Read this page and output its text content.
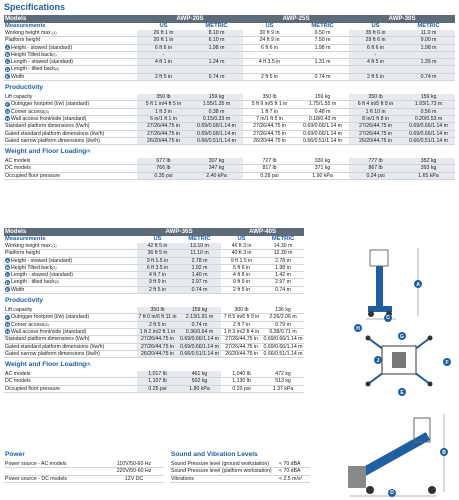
Specifications
Models	AWP-20S		AWP-25S		AWP-30S	
Measurements	US	METRIC	US	METRIC	US	METRIC
Working height max.$^{(1)}$	26 ft 1 in	8.10 m	30 ft 9 in	9.50 m	35 ft 6 in	11.0 m
Platform height	20 ft 1 in	6.10 m	24 ft 9 in	7.50 m	29 ft 6 in	9.00 m
A Height - stowed (standard)	6 ft 6 in	1.98 m	6 ft 6 in	1.98 m	6 ft 6 in	1.98 m
B Height Tilted back$^{(2)}$	-		-		-	
C Length - stowed (standard)	4 ft 1 in	1.24 m	4 ft 3.5 in	1.31 m	4 ft 5 in	1.35 m
D Length - tilted back$^{(2)}$						
E Width	2 ft 5 in	0.74 m	2 ft 5 in	0.74 m	2 ft 5 in	0.74 m
Productivity						
Lift capacity	350 lb	159 kg	350 lb	159 kg	350 lb	159 kg
F Outrigger footprint (l/w) (standard)	5 ft 1 in/4 ft 5 in	1.55/1.35 m	5 ft 9 in/5 ft 1 in	1.75/1.55 m	6 ft 4 in/5 ft 8 in	1.93/1.73 m
G Corner access$^{(3)}$	1 ft 3 in	0.38 m	1 ft 7 in	0.48 m	1 ft 10 in	0.56 m
H Wall access front/side (standard)	6 in/1 ft 1 in	0.15/0.33 m	7 in/1 ft 5 in	0.18/0.43 m	8 in/1 ft 8 in	0.20/0.53 m
Standard platform dimensions (l/w/h)	27/26/44.75 in	0.69/0.66/1.14 m	27/26/44.75 in	0.69/0.66/1.14 m	27/26/44.75 in	0.69/0.66/1.14 m
Gated standard platform dimensions (l/w/h)	27/26/44.75 in	0.69/0.66/1.14 m	27/26/44.75 in	0.69/0.66/1.14 m	27/26/44.75 in	0.69/0.66/1.14 m
Gated narrow platform dimensions (l/w/h)	26/20/44.75 in	0.66/0.51/1.14 m	26/20/44.75 in	0.66/0.51/1.14 m	26/20/44.75 in	0.66/0.51/1.14 m
Weight and Floor Loading$^{(4)}$
AC models	677 lb	307 kg	727 lb	330 kg	777 lb	352 kg
DC models	766 lb	347 kg	817 lb	371 kg	867 lb	393 kg
Occupied floor pressure	0.35 psi	2.40 kPa	0.28 psi	1.90 kPa	0.24 psi	1.65 kPa
Models	AWP-36S		AWP-40S	
Measurements	US	METRIC	US	METRIC
Working height max.$^{(1)}$	42 ft 5 in	13.10 m	46 ft 3 in	14.30 m
Platform height	36 ft 5 in	11.10 m	40 ft 3 in	12.30 m
A Height - stowed (standard)	9 ft 1.5 in	2.78 m	9 ft 1.5 in	2.78 m
B Height Tilted back$^{(2)}$	6 ft 3.5 in	1.92 m	6 ft 6 in	1.98 m
C Length - stowed (standard)	4 ft 7 in	1.40 m	4 ft 8 in	1.42 m
D Length - tilted back$^{(2)}$	9 ft 9 in	2.97 m	9 ft 9 in	2.97 m
E Width	2 ft 5 in	0.74 m	2 ft 5 in	0.74 m
Productivity				
Lift capacity	350 lb	159 kg	300 lb	136 kg
F Outrigger footprint (l/w) (standard)	7 ft 0 in/6 ft 11 in	2.13/1.91 m	7 ft 5 in/6 ft 9 in	2.26/2.06 m
G Corner access$^{(3)}$	2 ft 5 in	0.74 m	2 ft 7 in	0.79 m
H Wall access front/side (standard)	1 ft 2 in/2 ft 1 in	0.36/0.64 m	1 ft 3 in/2 ft 4 in	0.38/0.71 m
Standard platform dimensions (l/w/h)	27/26/44.75 in	0.69/0.66/1.14 m	27/26/44.75 in	0.69/0.66/1.14 m
Gated standard platform dimensions (l/w/h)	27/26/44.75 in	0.69/0.66/1.14 m	27/26/44.75 in	0.69/0.66/1.14 m
Gated narrow platform dimensions (l/w/h)	26/20/44.75 in	0.66/0.51/1.14 m	26/20/44.75 in	0.66/0.51/1.14 m
Weight and Floor Loading$^{(4)}$
AC models	1,017 lb	461 kg	1,040 lb	472 kg
DC models	1,107 lb	502 kg	1,130 lb	513 kg
Occupied floor pressure	0.25 psi	1.80 kPa	0.20 psi	1.37 kPa
Power	
Power source - AC models	110V/50-60 Hz
	220V/50-60 Hz
Power source - DC models	12V DC
Sound and Vibration Levels	
Sound Pressure level (ground workstation)	< 70 dBA
Sound Pressure level (platform workstation)	< 70 dBA
Vibrations	< 2.5 m/s²
A
H
J
G
F
E
B
C
D
